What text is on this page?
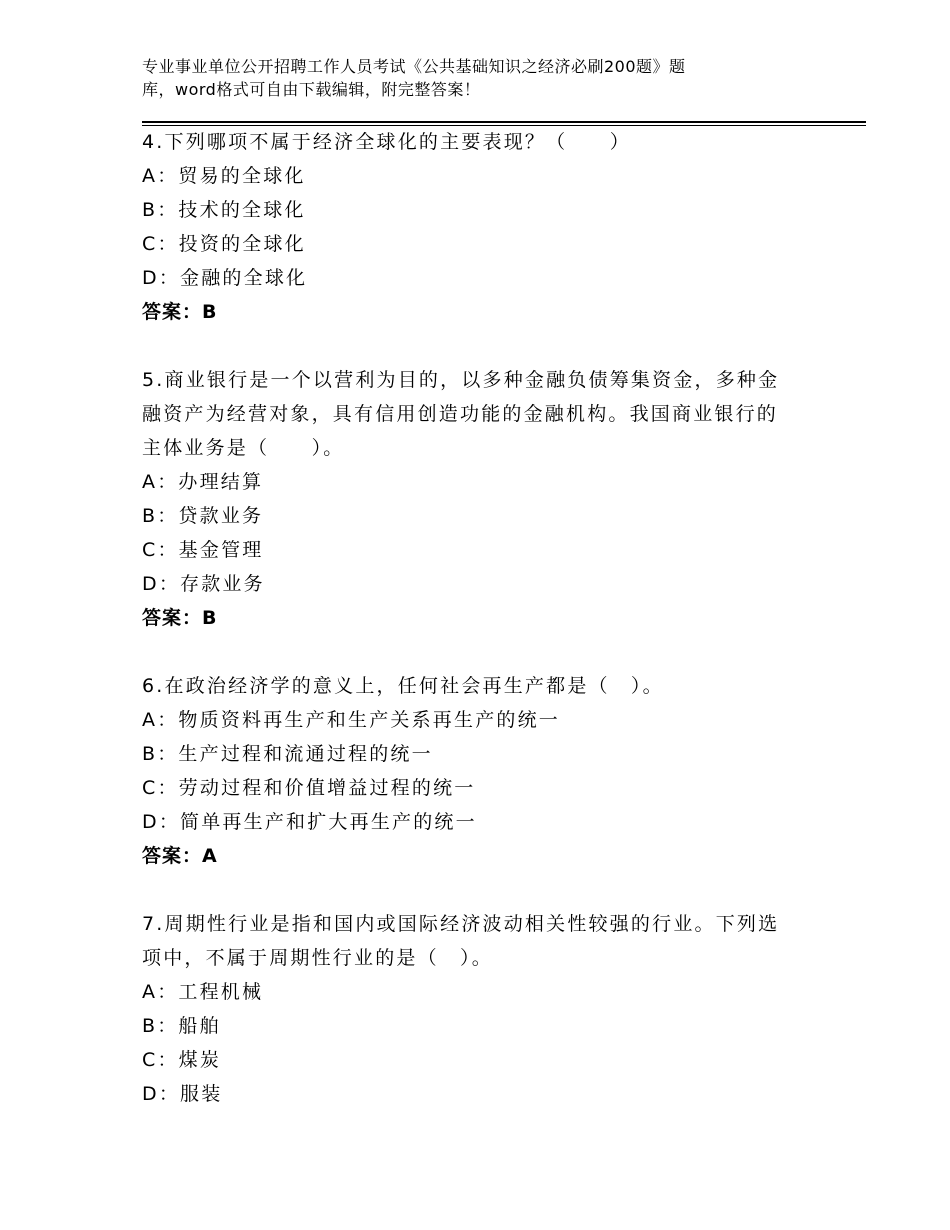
专业事业单位公开招聘工作人员考试《公共基础知识之经济必刷200题》题
库，word格式可自由下载编辑，附完整答案！
4.下列哪项不属于经济全球化的主要表现？（　　）
A：贸易的全球化
B：技术的全球化
C：投资的全球化
D：金融的全球化
答案：B
5.商业银行是一个以营利为目的，以多种金融负债筹集资金，多种金
融资产为经营对象，具有信用创造功能的金融机构。我国商业银行的
主体业务是（　　）。
A：办理结算
B：贷款业务
C：基金管理
D：存款业务
答案：B
6.在政治经济学的意义上，任何社会再生产都是（　）。
A：物质资料再生产和生产关系再生产的统一
B：生产过程和流通过程的统一
C：劳动过程和价值增益过程的统一
D：简单再生产和扩大再生产的统一
答案：A
7.周期性行业是指和国内或国际经济波动相关性较强的行业。下列选
项中，不属于周期性行业的是（　）。
A：工程机械
B：船舶
C：煤炭
D：服装
